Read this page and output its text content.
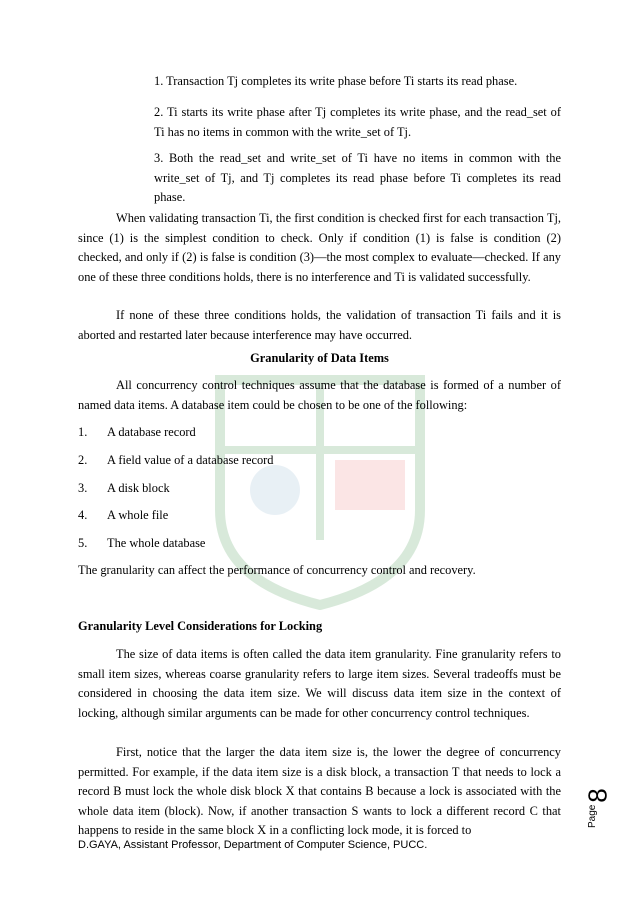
1. Transaction Tj completes its write phase before Ti starts its read phase.

2. Ti starts its write phase after Tj completes its write phase, and the read_set of Ti has no items in common with the write_set of Tj.

3. Both the read_set and write_set of Ti have no items in common with the write_set of Tj, and Tj completes its read phase before Ti completes its read phase.

When validating transaction Ti, the first condition is checked first for each transaction Tj, since (1) is the simplest condition to check. Only if condition (1) is false is condition (2) checked, and only if (2) is false is condition (3)—the most complex to evaluate—checked. If any one of these three conditions holds, there is no interference and Ti is validated successfully.

If none of these three conditions holds, the validation of transaction Ti fails and it is aborted and restarted later because interference may have occurred.

Granularity of Data Items

All concurrency control techniques assume that the database is formed of a number of named data items. A database item could be chosen to be one of the following:

1. A database record
2. A field value of a database record
3. A disk block
4. A whole file
5. The whole database
The granularity can affect the performance of concurrency control and recovery.
Granularity Level Considerations for Locking

The size of data items is often called the data item granularity. Fine granularity refers to small item sizes, whereas coarse granularity refers to large item sizes. Several tradeoffs must be considered in choosing the data item size. We will discuss data item size in the context of locking, although similar arguments can be made for other concurrency control techniques.

First, notice that the larger the data item size is, the lower the degree of concurrency permitted. For example, if the data item size is a disk block, a transaction T that needs to lock a record B must lock the whole disk block X that contains B because a lock is associated with the whole data item (block). Now, if another transaction S wants to lock a different record C that happens to reside in the same block X in a conflicting lock mode, it is forced to

D.GAYA, Assistant Professor, Department of Computer Science, PUCC.
Page
8
